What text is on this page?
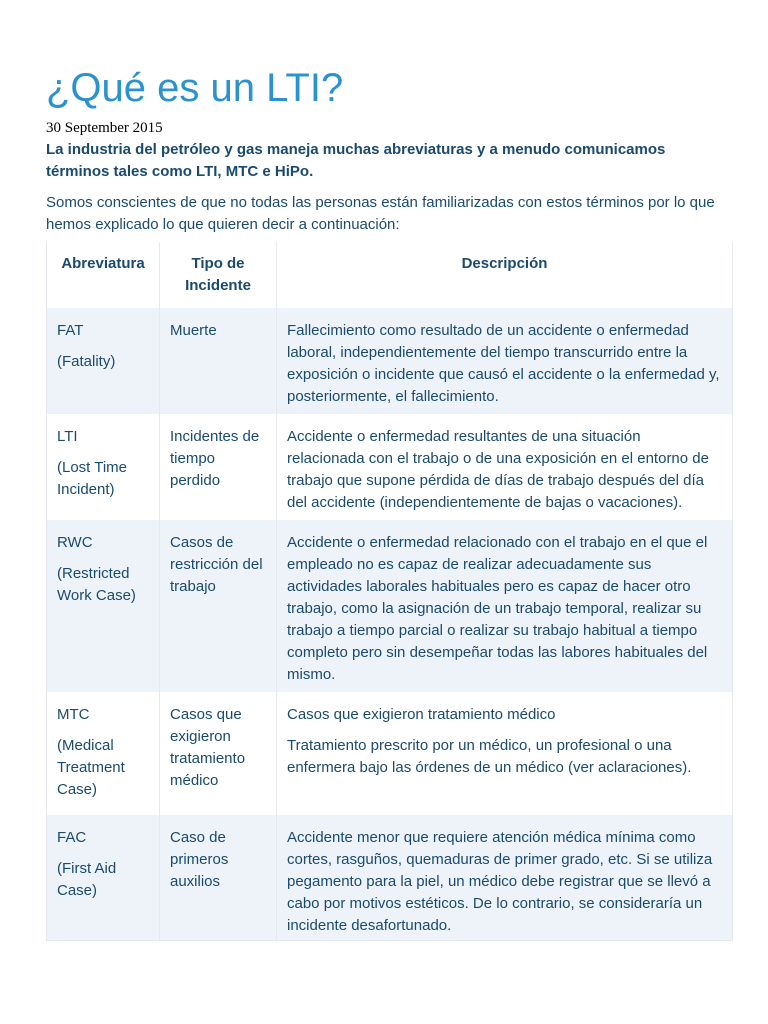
¿Qué es un LTI?
30 September 2015
La industria del petróleo y gas maneja muchas abreviaturas y a menudo comunicamos términos tales como LTI, MTC e HiPo.
Somos conscientes de que no todas las personas están familiarizadas con estos términos por lo que hemos explicado lo que quieren decir a continuación:
Abreviatura	Tipo de Incidente	Descripción
FAT
(Fatality)	Muerte	Fallecimiento como resultado de un accidente o enfermedad laboral, independientemente del tiempo transcurrido entre la exposición o incidente que causó el accidente o la enfermedad y, posteriormente, el fallecimiento.
LTI
(Lost Time Incident)	Incidentes de tiempo perdido	Accidente o enfermedad resultantes de una situación relacionada con el trabajo o de una exposición en el entorno de trabajo que supone pérdida de días de trabajo después del día del accidente (independientemente de bajas o vacaciones).
RWC
(Restricted Work Case)	Casos de restricción del trabajo	Accidente o enfermedad relacionado con el trabajo en el que el empleado no es capaz de realizar adecuadamente sus actividades laborales habituales pero es capaz de hacer otro trabajo, como la asignación de un trabajo temporal, realizar su trabajo a tiempo parcial o realizar su trabajo habitual a tiempo completo pero sin desempeñar todas las labores habituales del mismo.
MTC
(Medical Treatment Case)	Casos que exigieron tratamiento médico	Casos que exigieron tratamiento médico
Tratamiento prescrito por un médico, un profesional o una enfermera bajo las órdenes de un médico (ver aclaraciones).

FAC
(First Aid Case)	Caso de primeros auxilios	Accidente menor que requiere atención médica mínima como cortes, rasguños, quemaduras de primer grado, etc. Si se utiliza pegamento para la piel, un médico debe registrar que se llevó a cabo por motivos estéticos. De lo contrario, se consideraría un incidente desafortunado.
